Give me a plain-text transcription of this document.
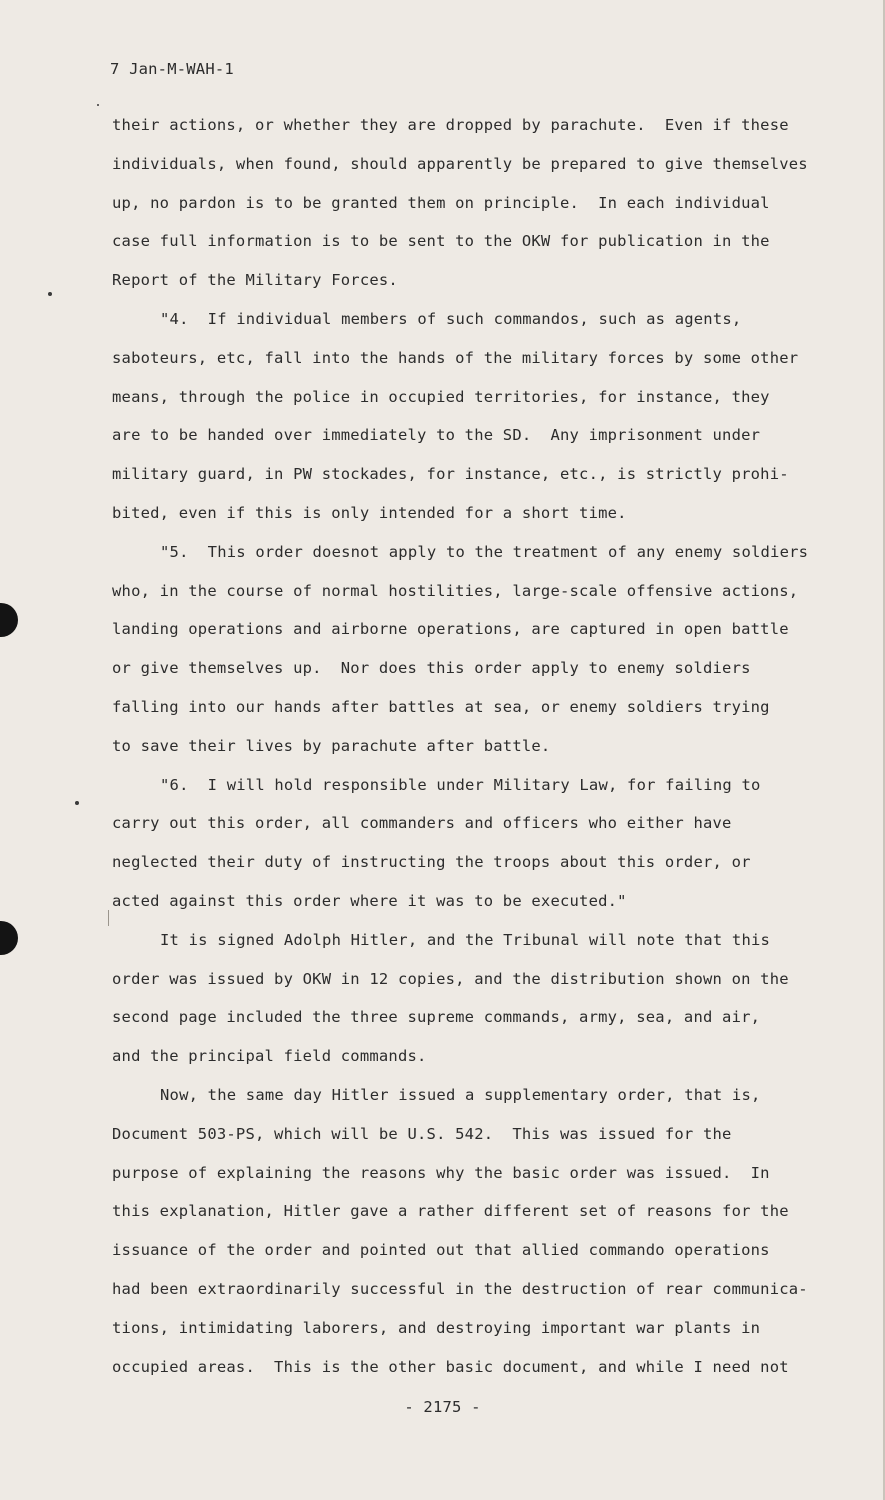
7 Jan-M-WAH-1
their actions, or whether they are dropped by parachute.  Even if these
individuals, when found, should apparently be prepared to give themselves
up, no pardon is to be granted them on principle.  In each individual
case full information is to be sent to the OKW for publication in the
Report of the Military Forces.
"4.  If individual members of such commandos, such as agents,
saboteurs, etc, fall into the hands of the military forces by some other
means, through the police in occupied territories, for instance, they
are to be handed over immediately to the SD.  Any imprisonment under
military guard, in PW stockades, for instance, etc., is strictly prohi-
bited, even if this is only intended for a short time.
"5.  This order doesnot apply to the treatment of any enemy soldiers
who, in the course of normal hostilities, large-scale offensive actions,
landing operations and airborne operations, are captured in open battle
or give themselves up.  Nor does this order apply to enemy soldiers
falling into our hands after battles at sea, or enemy soldiers trying
to save their lives by parachute after battle.
"6.  I will hold responsible under Military Law, for failing to
carry out this order, all commanders and officers who either have
neglected their duty of instructing the troops about this order, or
acted against this order where it was to be executed."
It is signed Adolph Hitler, and the Tribunal will note that this
order was issued by OKW in 12 copies, and the distribution shown on the
second page included the three supreme commands, army, sea, and air,
and the principal field commands.
Now, the same day Hitler issued a supplementary order, that is,
Document 503-PS, which will be U.S. 542.  This was issued for the
purpose of explaining the reasons why the basic order was issued.  In
this explanation, Hitler gave a rather different set of reasons for the
issuance of the order and pointed out that allied commando operations
had been extraordinarily successful in the destruction of rear communica-
tions, intimidating laborers, and destroying important war plants in
occupied areas.  This is the other basic document, and while I need not
- 2175 -
